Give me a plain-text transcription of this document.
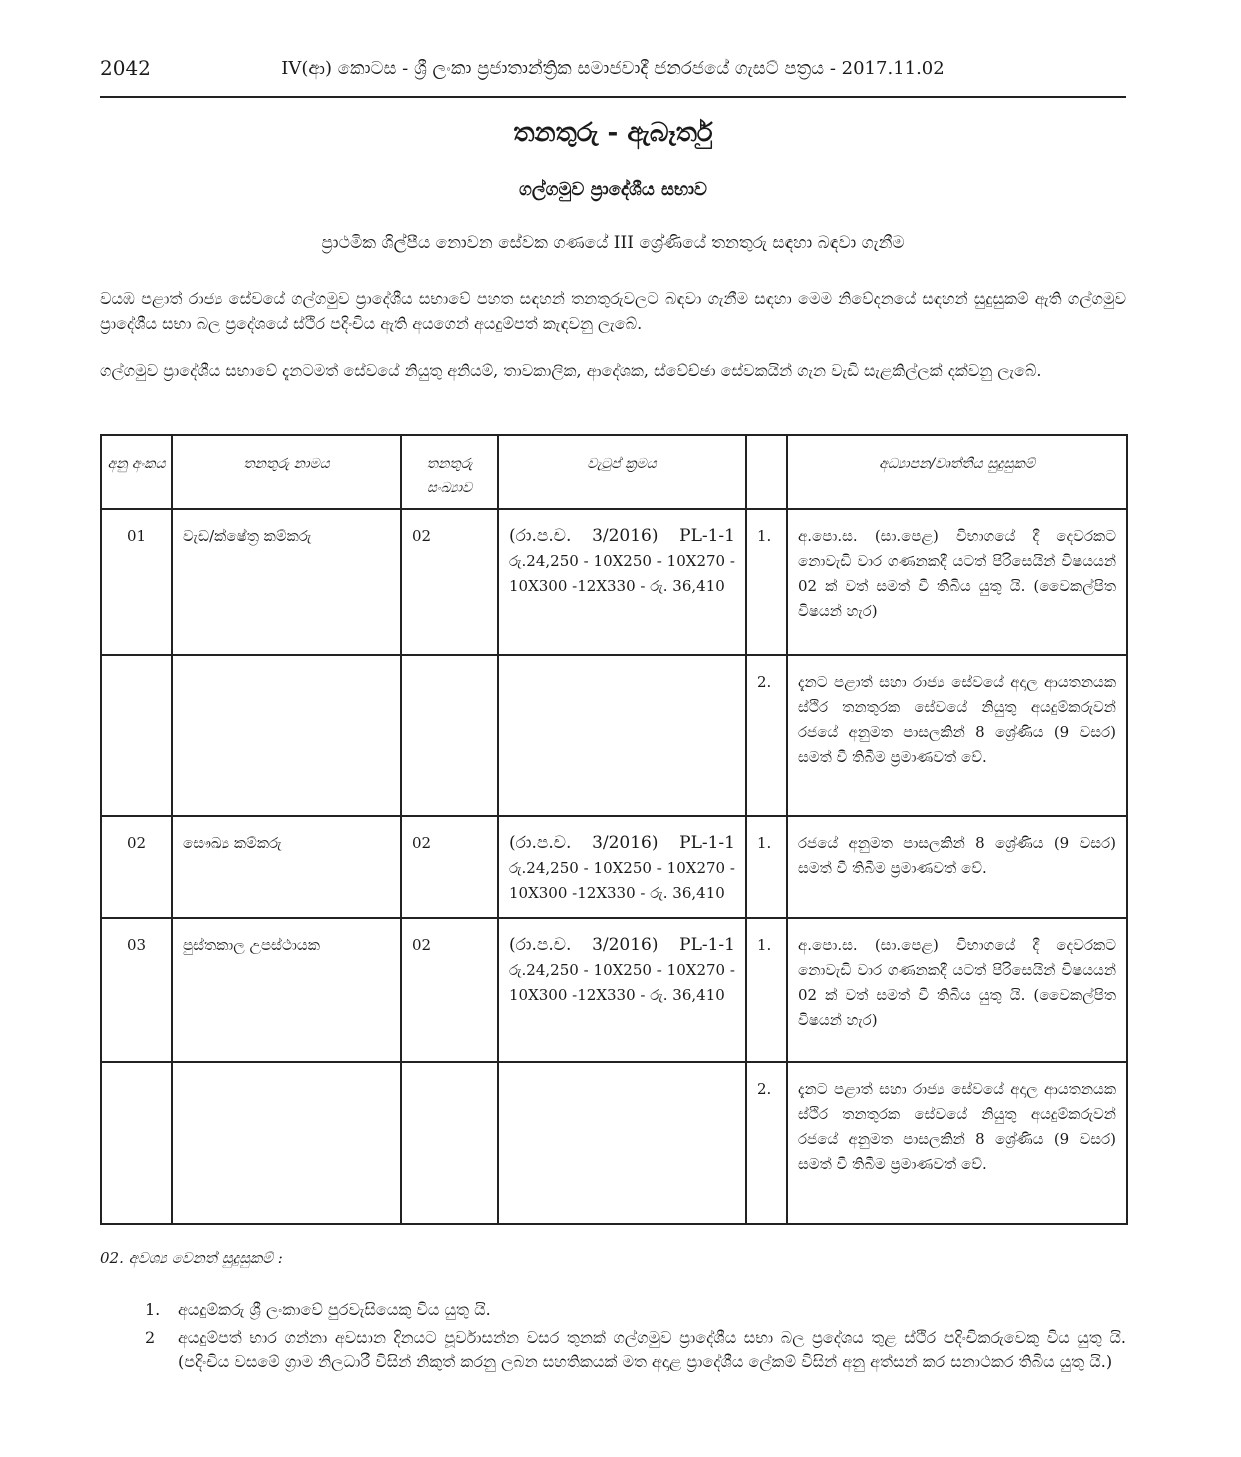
2042	IV(ආ) කොටස - ශ්‍රී ලංකා ප්‍රජාතාන්ත්‍රික සමාජවාදී ජනරජයේ ගැසට් පත්‍රය - 2017.11.02
තනතුරු - ඇබෑර්තු
ගල්ගමුව ප්‍රාදේශීය සභාව
ප්‍රාථමික ශිල්පීය නොවන සේවක ගණයේ III ශ්‍රේණියේ තනතුරු සඳහා බඳවා ගැනීම
වයඹ පළාත් රාජ්‍ය සේවයේ ගල්ගමුව ප්‍රාදේශීය සභාවේ පහත සඳහන් තනතුරුවලට බඳවා ගැනීම සඳහා මෙම නිවේදනයේ සඳහන් සුදුසුකම් ඇති ගල්ගමුව ප්‍රාදේශීය සභා බල ප්‍රදේශයේ ස්ථිර පදිංචිය ඇති අයගෙන් අයදුම්පත් කැඳවනු ලැබේ.
ගල්ගමුව ප්‍රාදේශීය සභාවේ දැනටමත් සේවයේ නියුතු අනියම්, තාවකාලික, ආදේශක, ස්වේච්ඡා සේවකයින් ගැන වැඩි සැළකිල්ලක් දක්වනු ලැබේ.
අනු අංකය	තනතුරු නාමය	තනතුරු සංඛ්‍යාව	වැටුප් ක්‍රමය		අධ්‍යාපන/වෘත්තීය සුදුසුකම්
01	වැඩ/ක්ෂේත්‍ර කම්කරු	02	(රා.ප.ච. 3/2016) PL-1-1 රු.24,250 - 10X250 - 10X270 - 10X300 -12X330 - රු. 36,410	1.	අ.පො.ස. (සා.පෙළ) විභාගයේ දී දෙවරකට නොවැඩි වාර ගණනකදී යටත් පිරිසෙයින් විෂයයන් 02 ක් වත් සමත් වී තිබිය යුතු යි. (වෛකල්පිත විෂයන් හැර)
				2.	දැනට පළාත් සහා රාජ්‍ය සේවයේ අදාල ආයතනයක ස්ථිර තනතුරක සේවයේ නියුතු අයදුම්කරුවන් රජයේ අනුමත පාසලකින් 8 ශ්‍රේණිය (9 වසර) සමත් වී තිබීම ප්‍රමාණවත් වේ.
02	සෞඛ්‍ය කම්කරු	02	(රා.ප.ච. 3/2016) PL-1-1 රු.24,250 - 10X250 - 10X270 - 10X300 -12X330 - රු. 36,410	1.	රජයේ අනුමත පාසලකින් 8 ශ්‍රේණිය (9 වසර) සමත් වී තිබීම ප්‍රමාණවත් වේ.
03	පුස්තකාල උපස්ථායක	02	(රා.ප.ච. 3/2016) PL-1-1 රු.24,250 - 10X250 - 10X270 - 10X300 -12X330 - රු. 36,410	1.	අ.පො.ස. (සා.පෙළ) විභාගයේ දී දෙවරකට නොවැඩි වාර ගණනකදී යටත් පිරිසෙයින් විෂයයන් 02 ක් වත් සමත් වී තිබිය යුතු යි. (වෛකල්පිත විෂයන් හැර)
				2.	දැනට පළාත් සහා රාජ්‍ය සේවයේ අදාල ආයතනයක ස්ථිර තනතුරක සේවයේ නියුතු අයදුම්කරුවන් රජයේ අනුමත පාසලකින් 8 ශ්‍රේණිය (9 වසර) සමත් වී තිබීම ප්‍රමාණවත් වේ.
02. අවශ්‍ය වෙනත් සුදුසුකම් :
1. අයදුම්කරු ශ්‍රී ලංකාවේ පුරවැසියෙකු විය යුතු යි.
2 අයදුම්පත් භාර ගන්නා අවසාන දිනයට පූර්වාසන්න වසර තුනක් ගල්ගමුව ප්‍රාදේශීය සභා බල ප්‍රදේශය තුළ ස්ථිර පදිංචිකරුවෙකු විය යුතු යි. (පදිංචිය වසමේ ග්‍රාම නිලධාරී විසින් නිකුත් කරනු ලබන සහතිකයක් මත අදාළ ප්‍රාදේශීය ලේකම් විසින් අනු අත්සන් කර සනාථකර තිබිය යුතු යි.)
